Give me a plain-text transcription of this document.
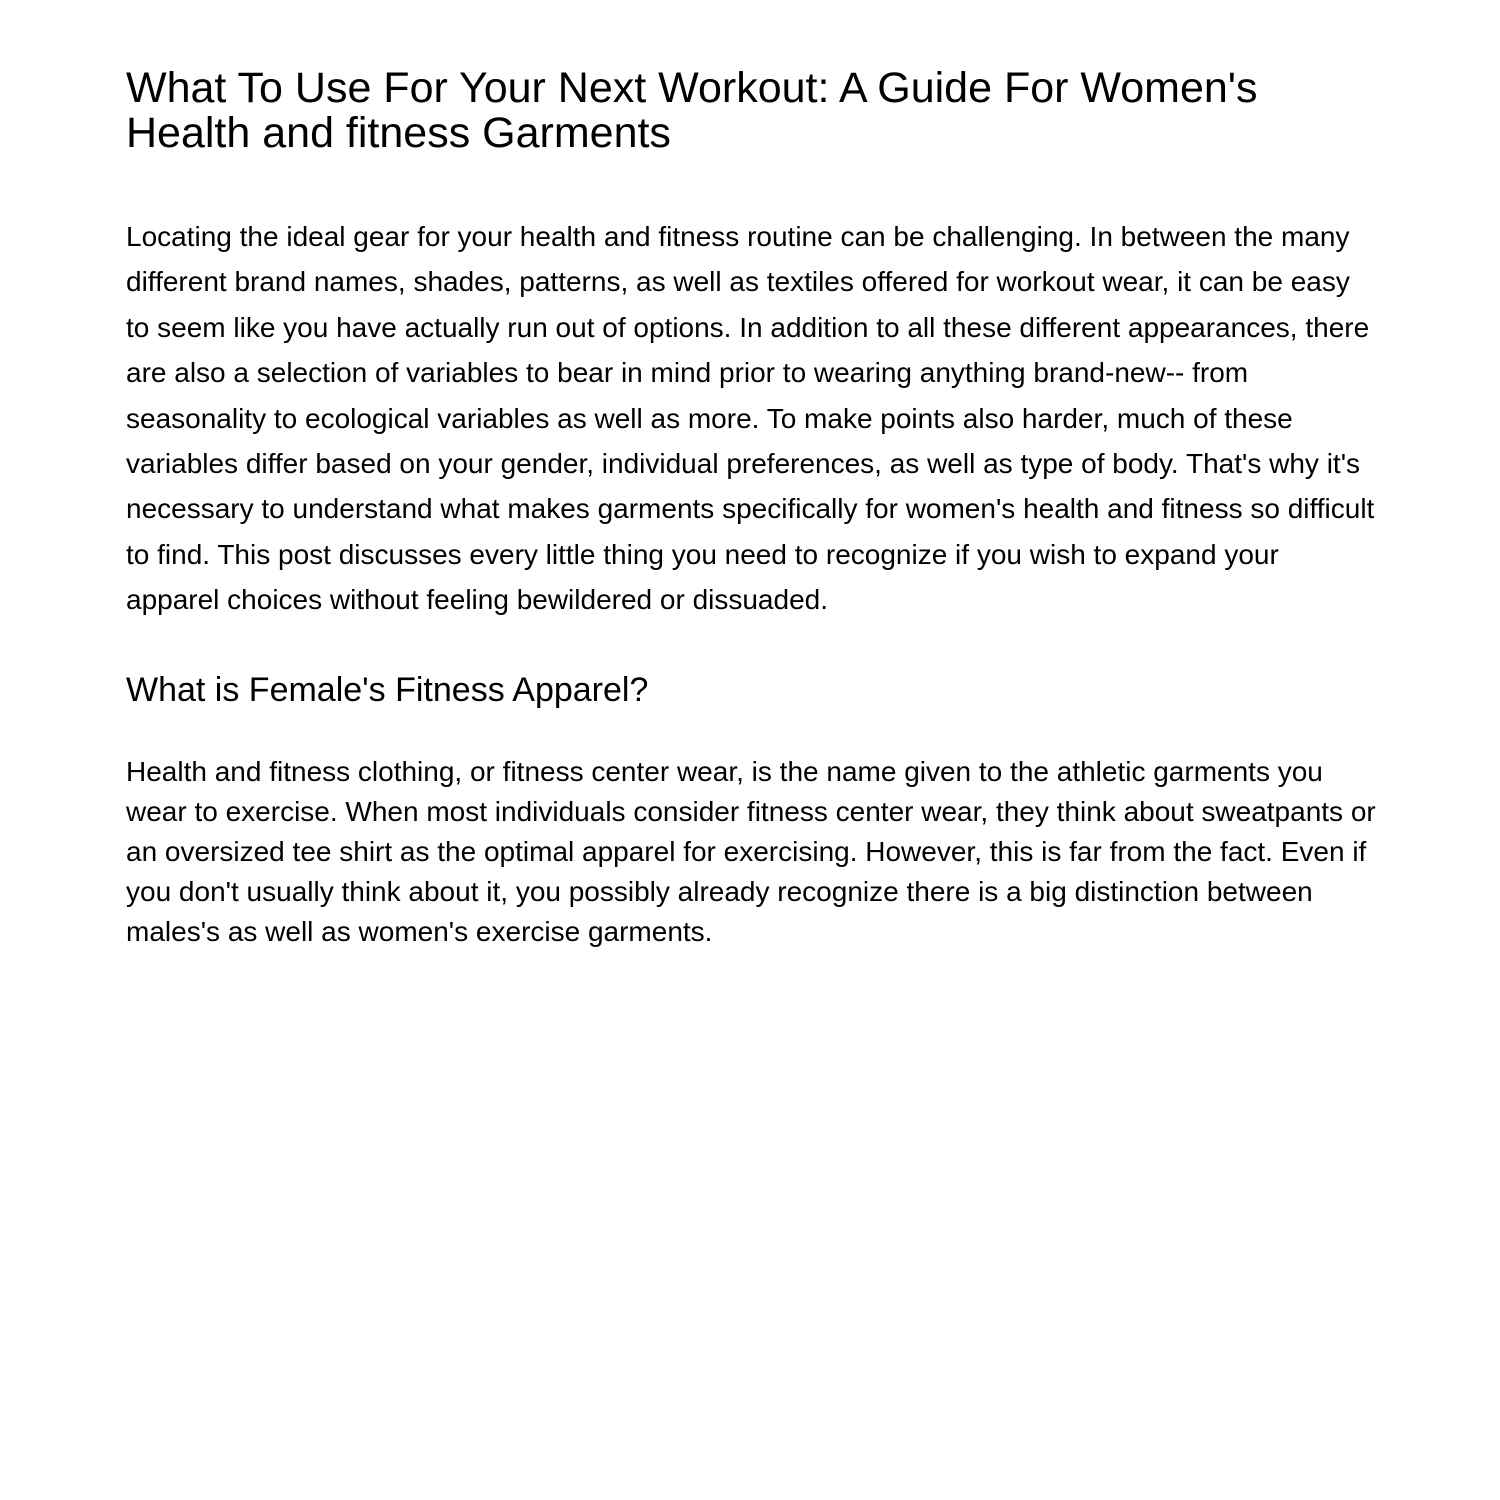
What To Use For Your Next Workout: A Guide For Women's Health and fitness Garments

Locating the ideal gear for your health and fitness routine can be challenging. In between the many different brand names, shades, patterns, as well as textiles offered for workout wear, it can be easy to seem like you have actually run out of options. In addition to all these different appearances, there are also a selection of variables to bear in mind prior to wearing anything brand-new-- from seasonality to ecological variables as well as more. To make points also harder, much of these variables differ based on your gender, individual preferences, as well as type of body. That's why it's necessary to understand what makes garments specifically for women's health and fitness so difficult to find. This post discusses every little thing you need to recognize if you wish to expand your apparel choices without feeling bewildered or dissuaded.

What is Female's Fitness Apparel?

Health and fitness clothing, or fitness center wear, is the name given to the athletic garments you wear to exercise. When most individuals consider fitness center wear, they think about sweatpants or an oversized tee shirt as the optimal apparel for exercising. However, this is far from the fact. Even if you don't usually think about it, you possibly already recognize there is a big distinction between males's as well as women's exercise garments.
